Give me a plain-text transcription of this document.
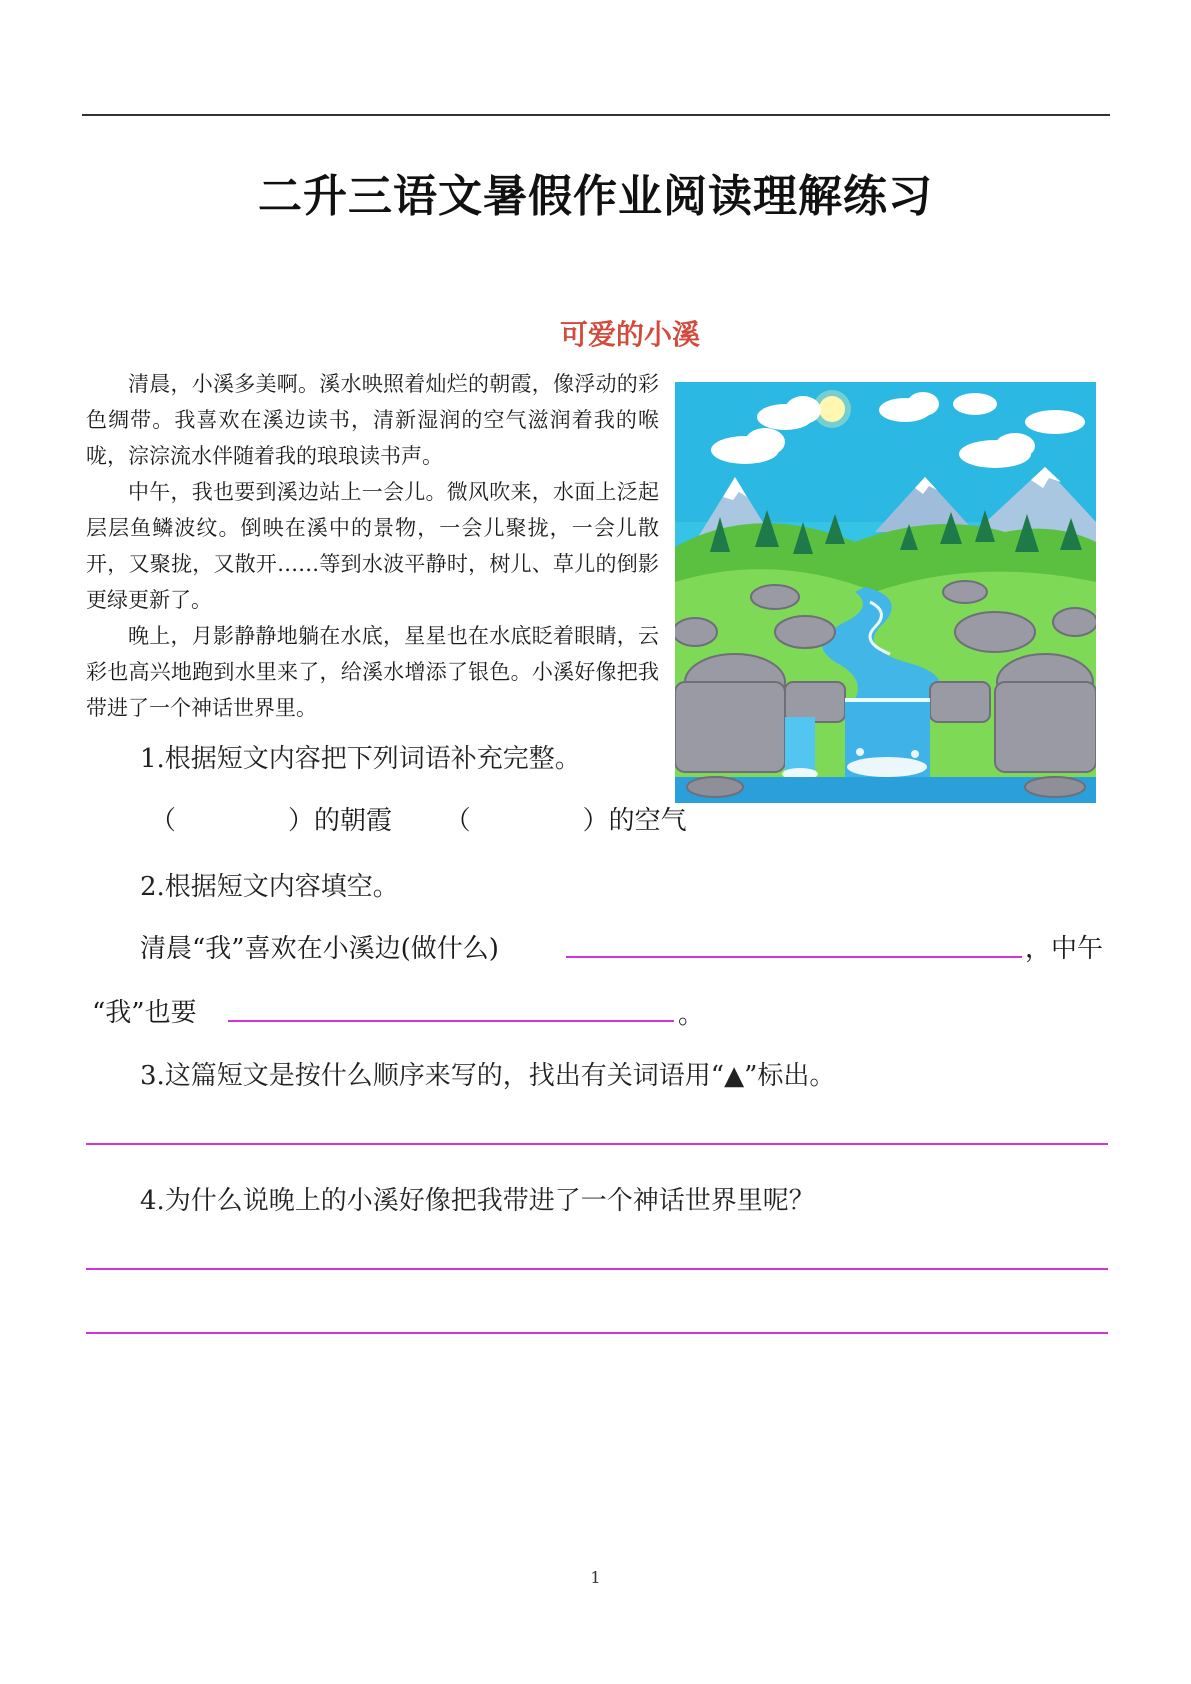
二升三语文暑假作业阅读理解练习
可爱的小溪

清晨，小溪多美啊。溪水映照着灿烂的朝霞，像浮动的彩色绸带。我喜欢在溪边读书，清新湿润的空气滋润着我的喉咙，淙淙流水伴随着我的琅琅读书声。

中午，我也要到溪边站上一会儿。微风吹来，水面上泛起层层鱼鳞波纹。倒映在溪中的景物，一会儿聚拢，一会儿散开，又聚拢，又散开……等到水波平静时，树儿、草儿的倒影更绿更新了。

晚上，月影静静地躺在水底，星星也在水底眨着眼睛，云彩也高兴地跑到水里来了，给溪水增添了银色。小溪好像把我带进了一个神话世界里。

1.根据短文内容把下列词语补充完整。
（	）的朝霞 （	）的空气
2.根据短文内容填空。
清晨“我”喜欢在小溪边(做什么)	，中午
“我”也要	。
3.这篇短文是按什么顺序来写的，找出有关词语用“▲”标出。
4.为什么说晚上的小溪好像把我带进了一个神话世界里呢？
1
